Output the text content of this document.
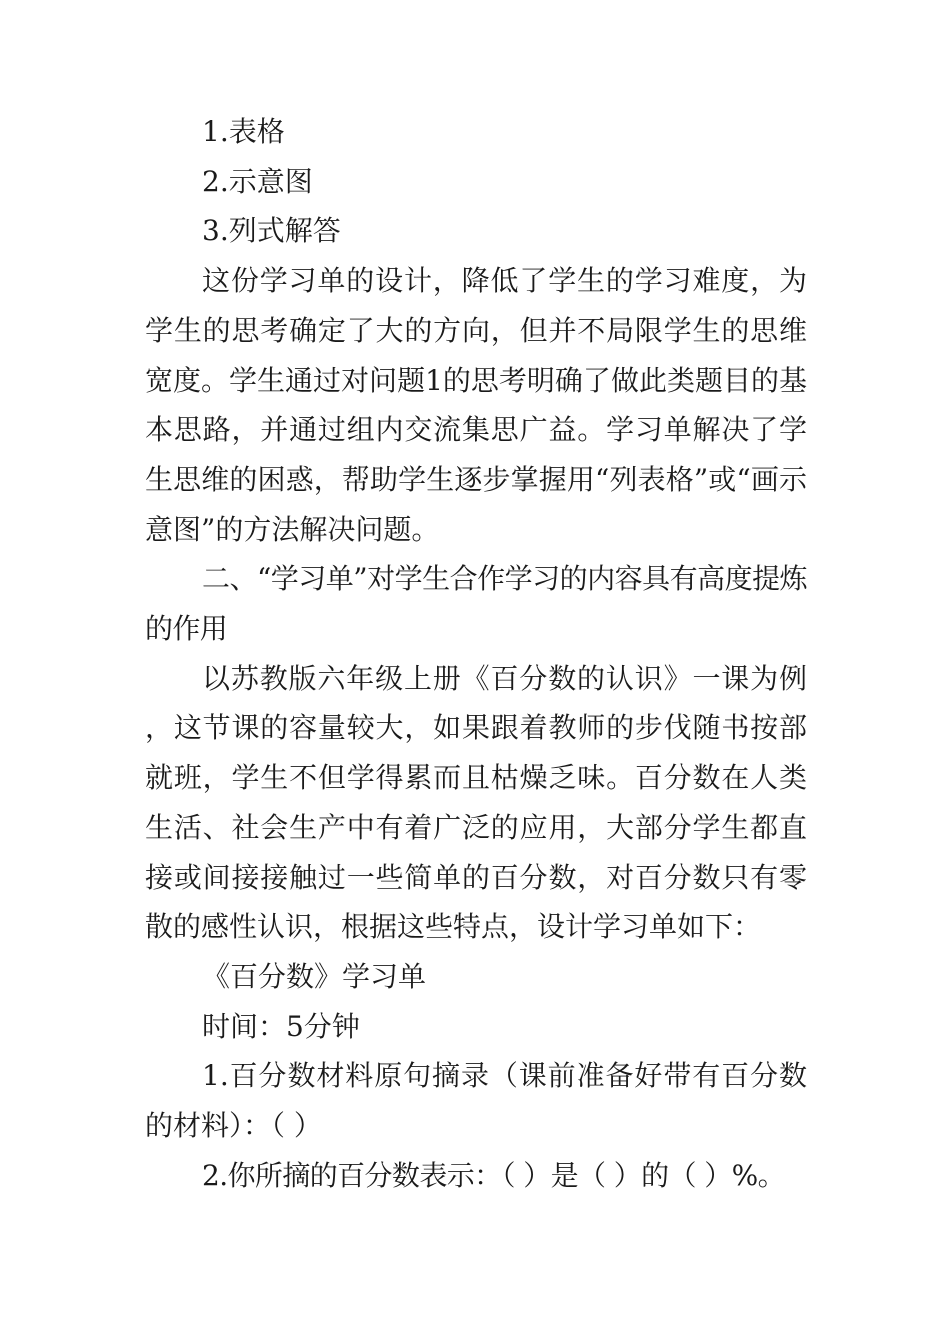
1.表格

2.示意图

3.列式解答

这份学习单的设计，降低了学生的学习难度，为学生的思考确定了大的方向，但并不局限学生的思维宽度。学生通过对问题1的思考明确了做此类题目的基本思路，并通过组内交流集思广益。学习单解决了学生思维的困惑，帮助学生逐步掌握用“列表格”或“画示意图”的方法解决问题。

二、“学习单”对学生合作学习的内容具有高度提炼的作用

以苏教版六年级上册《百分数的认识》一课为例，这节课的容量较大，如果跟着教师的步伐随书按部就班，学生不但学得累而且枯燥乏味。百分数在人类生活、社会生产中有着广泛的应用，大部分学生都直接或间接接触过一些简单的百分数，对百分数只有零散的感性认识，根据这些特点，设计学习单如下：

《百分数》学习单

时间：5分钟

1.百分数材料原句摘录（课前准备好带有百分数的材料）：（ ）

2.你所摘的百分数表示：（ ）是（ ）的（ ）%。
